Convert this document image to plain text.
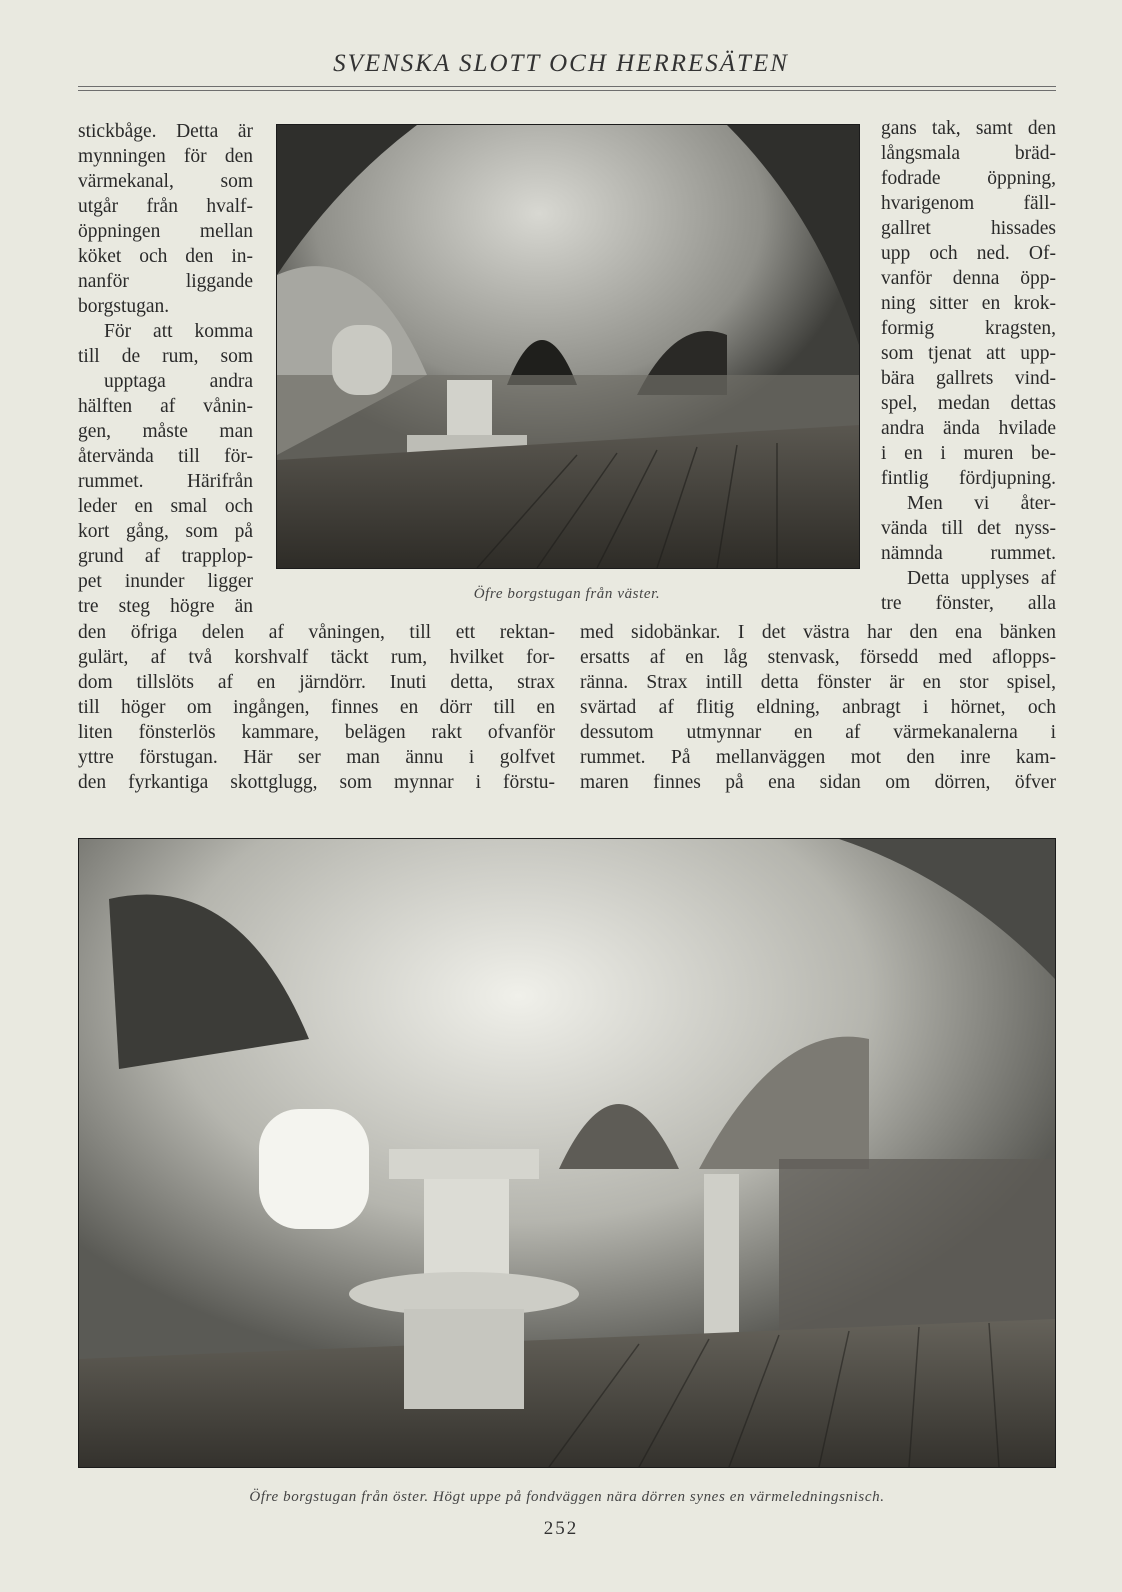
SVENSKA SLOTT OCH HERRESÄTEN
stickbåge. Detta är
mynningen för den
värmekanal, som
utgår från hvalf-
öppningen mellan
köket och den in-
nanför liggande
borgstugan.
För att komma
till de rum, som
upptaga andra
hälften af vånin-
gen, måste man
återvända till för-
rummet. Härifrån
leder en smal och
kort gång, som på
grund af trapplop-
pet inunder ligger
tre steg högre än
Öfre borgstugan från väster.
gans tak, samt den
långsmala bräd-
fodrade öppning,
hvarigenom fäll-
gallret hissades
upp och ned. Of-
vanför denna öpp-
ning sitter en krok-
formig kragsten,
som tjenat att upp-
bära gallrets vind-
spel, medan dettas
andra ända hvilade
i en i muren be-
fintlig fördjupning.
Men vi åter-
vända till det nyss-
nämnda rummet.
Detta upplyses af
tre fönster, alla
den öfriga delen af våningen, till ett rektan-
gulärt, af två korshvalf täckt rum, hvilket for-
dom tillslöts af en järndörr. Inuti detta, strax
till höger om ingången, finnes en dörr till en
liten fönsterlös kammare, belägen rakt ofvanför
yttre förstugan. Här ser man ännu i golfvet
den fyrkantiga skottglugg, som mynnar i förstu-
med sidobänkar. I det västra har den ena bänken
ersatts af en låg stenvask, försedd med aflopps-
ränna. Strax intill detta fönster är en stor spisel,
svärtad af flitig eldning, anbragt i hörnet, och
dessutom utmynnar en af värmekanalerna i
rummet. På mellanväggen mot den inre kam-
maren finnes på ena sidan om dörren, öfver
Öfre borgstugan från öster. Högt uppe på fondväggen nära dörren synes en värmeledningsnisch.
252
